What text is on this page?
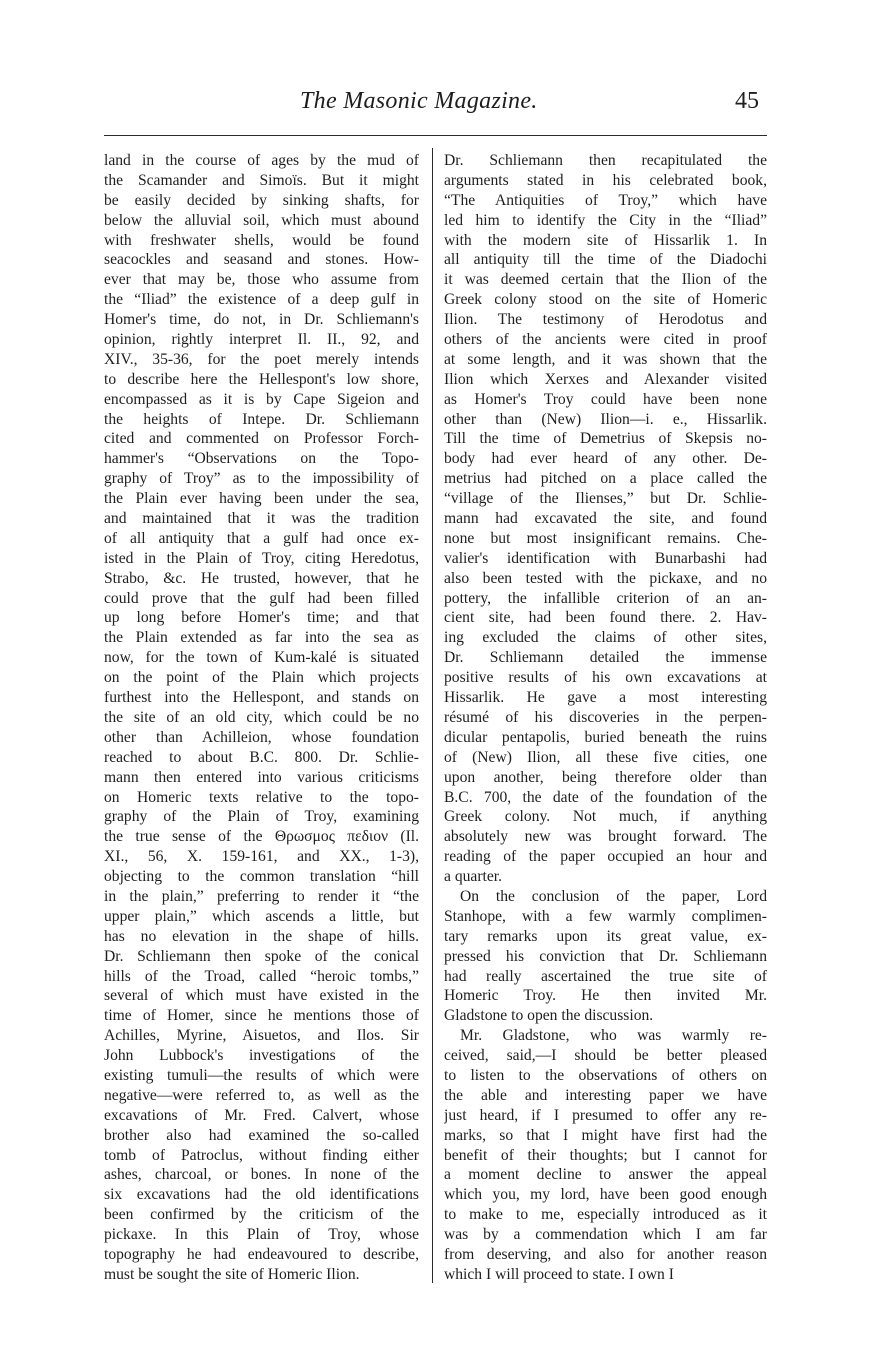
The Masonic Magazine.	45
land in the course of ages by the mud of
the Scamander and Simoïs. But it might
be easily decided by sinking shafts, for
below the alluvial soil, which must abound
with freshwater shells, would be found
seacockles and seasand and stones. How-
ever that may be, those who assume from
the “Iliad” the existence of a deep gulf in
Homer's time, do not, in Dr. Schliemann's
opinion, rightly interpret Il. II., 92, and
XIV., 35-36, for the poet merely intends
to describe here the Hellespont's low shore,
encompassed as it is by Cape Sigeion and
the heights of Intepe. Dr. Schliemann
cited and commented on Professor Forch-
hammer's “Observations on the Topo-
graphy of Troy” as to the impossibility of
the Plain ever having been under the sea,
and maintained that it was the tradition
of all antiquity that a gulf had once ex-
isted in the Plain of Troy, citing Heredotus,
Strabo, &c. He trusted, however, that he
could prove that the gulf had been filled
up long before Homer's time; and that
the Plain extended as far into the sea as
now, for the town of Kum-kalé is situated
on the point of the Plain which projects
furthest into the Hellespont, and stands on
the site of an old city, which could be no
other than Achilleion, whose foundation
reached to about B.C. 800. Dr. Schlie-
mann then entered into various criticisms
on Homeric texts relative to the topo-
graphy of the Plain of Troy, examining
the true sense of the Θρωσμος πεδιον (Il.
XI., 56, X. 159-161, and XX., 1-3),
objecting to the common translation “hill
in the plain,” preferring to render it “the
upper plain,” which ascends a little, but
has no elevation in the shape of hills.
Dr. Schliemann then spoke of the conical
hills of the Troad, called “heroic tombs,”
several of which must have existed in the
time of Homer, since he mentions those of
Achilles, Myrine, Aisuetos, and Ilos. Sir
John Lubbock's investigations of the
existing tumuli—the results of which were
negative—were referred to, as well as the
excavations of Mr. Fred. Calvert, whose
brother also had examined the so-called
tomb of Patroclus, without finding either
ashes, charcoal, or bones. In none of the
six excavations had the old identifications
been confirmed by the criticism of the
pickaxe. In this Plain of Troy, whose
topography he had endeavoured to describe,
must be sought the site of Homeric Ilion.
Dr. Schliemann then recapitulated the
arguments stated in his celebrated book,
“The Antiquities of Troy,” which have
led him to identify the City in the “Iliad”
with the modern site of Hissarlik 1. In
all antiquity till the time of the Diadochi
it was deemed certain that the Ilion of the
Greek colony stood on the site of Homeric
Ilion. The testimony of Herodotus and
others of the ancients were cited in proof
at some length, and it was shown that the
Ilion which Xerxes and Alexander visited
as Homer's Troy could have been none
other than (New) Ilion—i. e., Hissarlik.
Till the time of Demetrius of Skepsis no-
body had ever heard of any other. De-
metrius had pitched on a place called the
“village of the Ilienses,” but Dr. Schlie-
mann had excavated the site, and found
none but most insignificant remains. Che-
valier's identification with Bunarbashi had
also been tested with the pickaxe, and no
pottery, the infallible criterion of an an-
cient site, had been found there. 2. Hav-
ing excluded the claims of other sites,
Dr. Schliemann detailed the immense
positive results of his own excavations at
Hissarlik. He gave a most interesting
résumé of his discoveries in the perpen-
dicular pentapolis, buried beneath the ruins
of (New) Ilion, all these five cities, one
upon another, being therefore older than
B.C. 700, the date of the foundation of the
Greek colony. Not much, if anything
absolutely new was brought forward. The
reading of the paper occupied an hour and
a quarter.
On the conclusion of the paper, Lord
Stanhope, with a few warmly complimen-
tary remarks upon its great value, ex-
pressed his conviction that Dr. Schliemann
had really ascertained the true site of
Homeric Troy. He then invited Mr.
Gladstone to open the discussion.
Mr. Gladstone, who was warmly re-
ceived, said,—I should be better pleased
to listen to the observations of others on
the able and interesting paper we have
just heard, if I presumed to offer any re-
marks, so that I might have first had the
benefit of their thoughts; but I cannot for
a moment decline to answer the appeal
which you, my lord, have been good enough
to make to me, especially introduced as it
was by a commendation which I am far
from deserving, and also for another reason
which I will proceed to state. I own I
